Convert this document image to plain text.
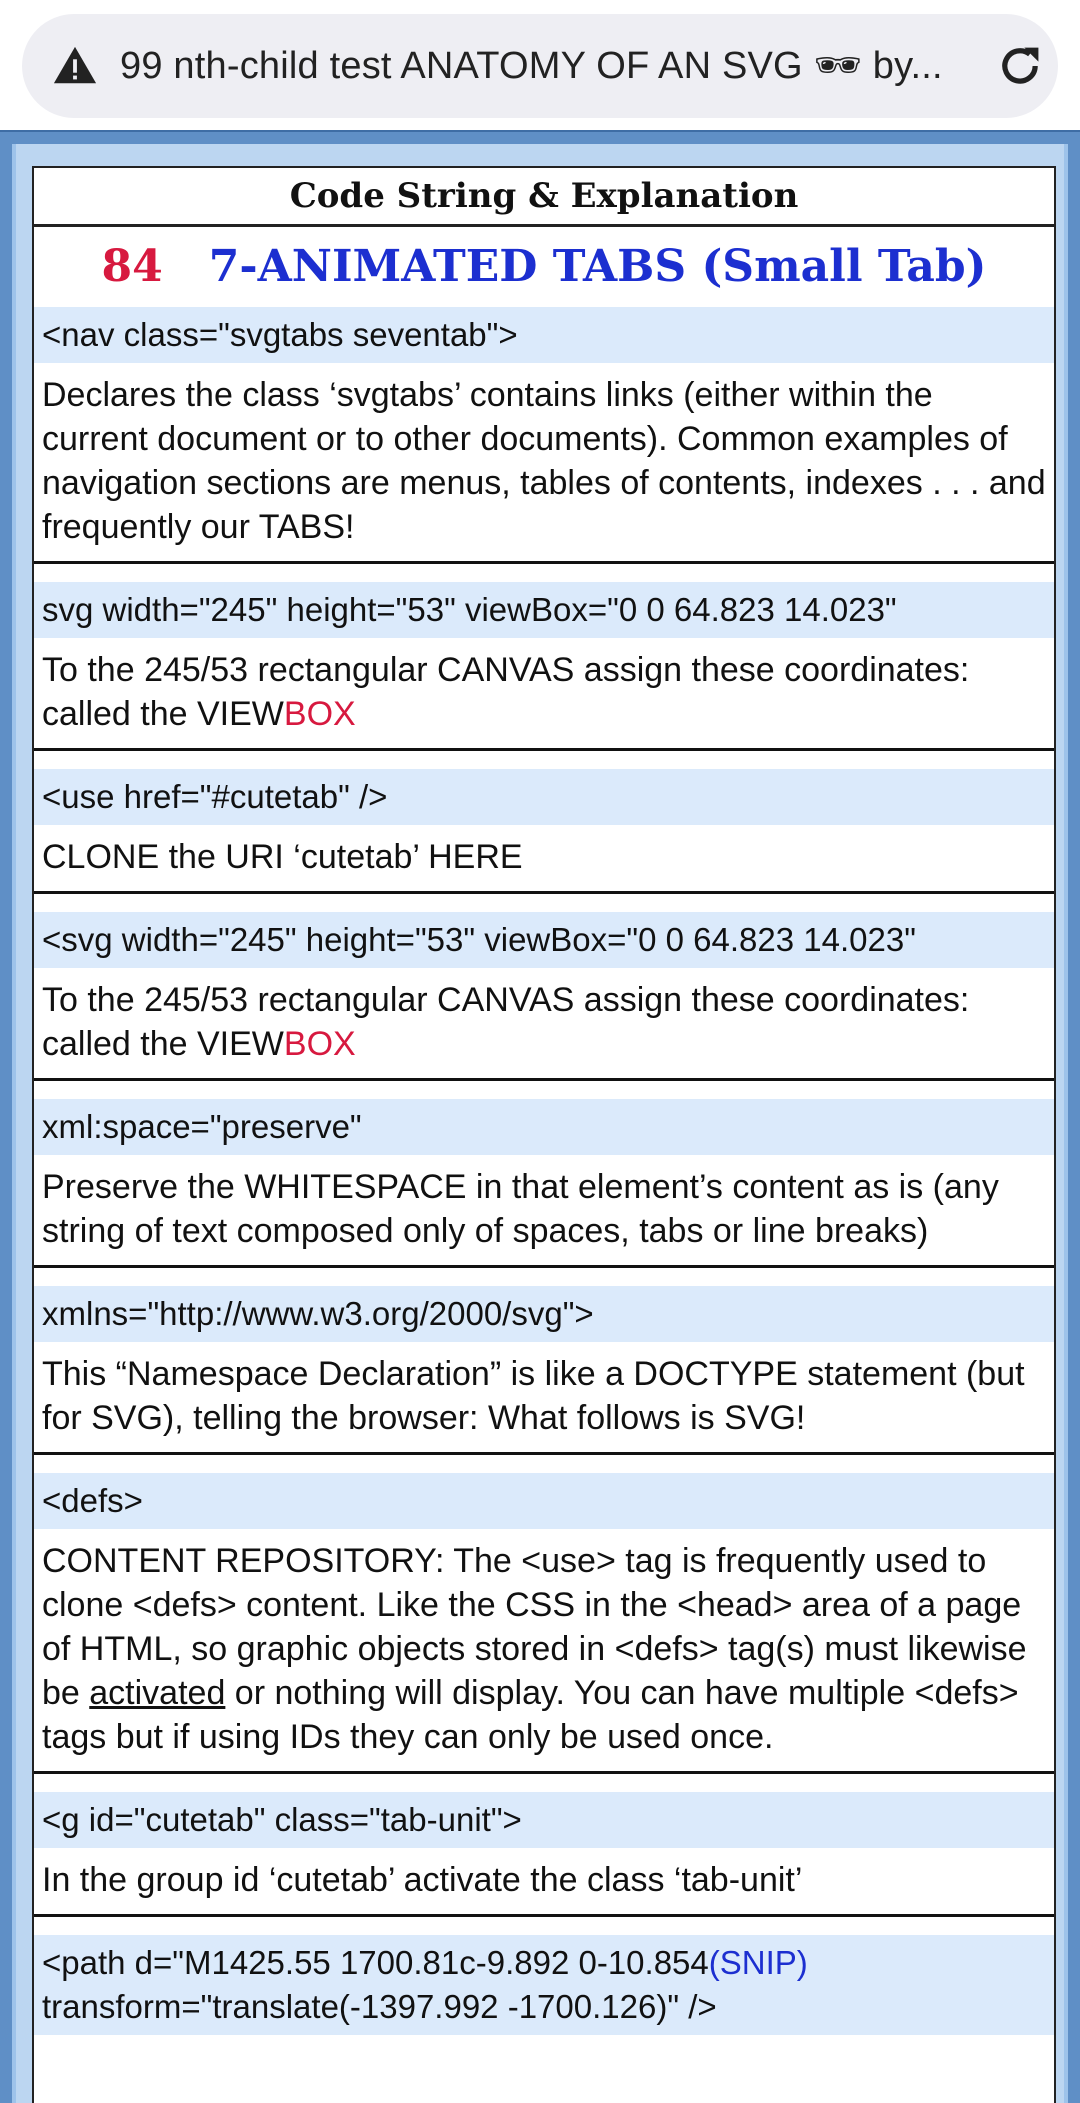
99 nth-child test ANATOMY OF AN SVG 🕶 by...
Code String & Explanation
84 7-ANIMATED TABS (Small Tab)
<nav class="svgtabs seventab">
Declares the class ‘svgtabs’ contains links (either within the current document or to other documents). Common examples of navigation sections are menus, tables of contents, indexes . . . and frequently our TABS!
svg width="245" height="53" viewBox="0 0 64.823 14.023"
To the 245/53 rectangular CANVAS assign these coordinates: called the VIEWBOX
<use href="#cutetab" />
CLONE the URI ‘cutetab’ HERE
<svg width="245" height="53" viewBox="0 0 64.823 14.023"
To the 245/53 rectangular CANVAS assign these coordinates: called the VIEWBOX
xml:space="preserve"
Preserve the WHITESPACE in that element’s content as is (any string of text composed only of spaces, tabs or line breaks)
xmlns="http://www.w3.org/2000/svg">
This “Namespace Declaration” is like a DOCTYPE statement (but for SVG), telling the browser: What follows is SVG!
<defs>
CONTENT REPOSITORY: The <use> tag is frequently used to clone <defs> content. Like the CSS in the <head> area of a page of HTML, so graphic objects stored in <defs> tag(s) must likewise be activated or nothing will display. You can have multiple <defs> tags but if using IDs they can only be used once.
<g id="cutetab" class="tab-unit">
In the group id ‘cutetab’ activate the class ‘tab-unit’
<path d="M1425.55 1700.81c-9.892 0-10.854(SNIP)
transform="translate(-1397.992 -1700.126)" />
